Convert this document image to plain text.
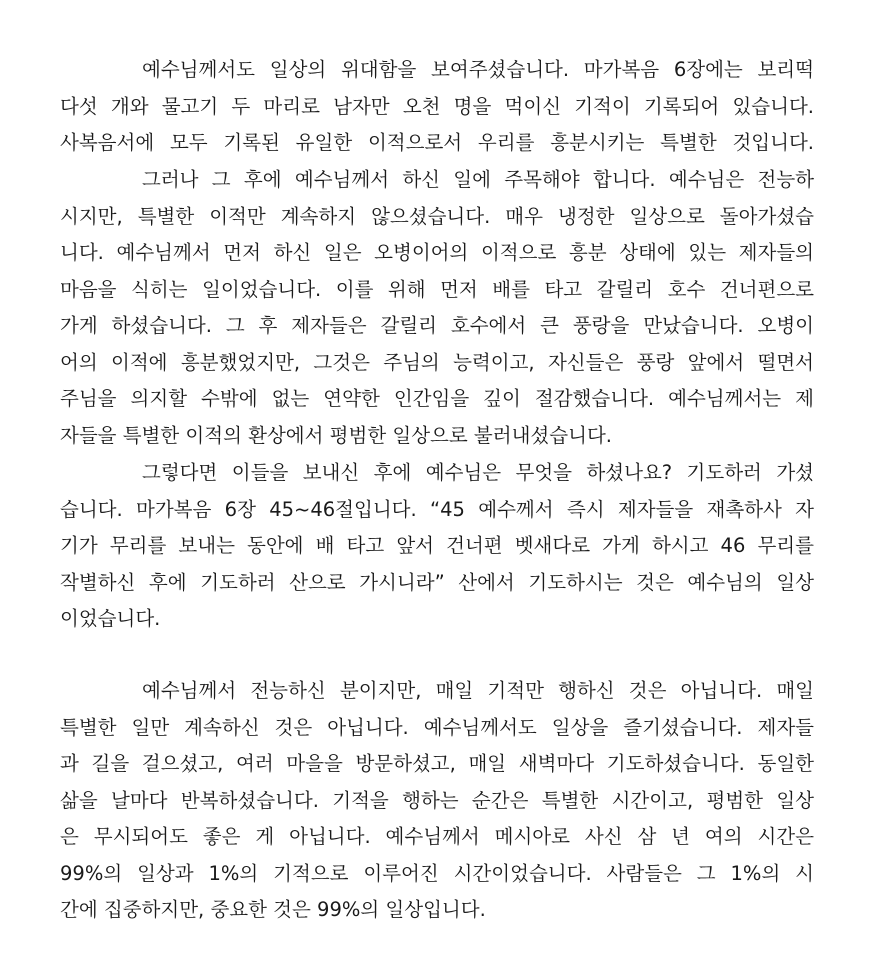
예수님께서도 일상의 위대함을 보여주셨습니다. 마가복음 6장에는 보리떡
다섯 개와 물고기 두 마리로 남자만 오천 명을 먹이신 기적이 기록되어 있습니다.
사복음서에 모두 기록된 유일한 이적으로서 우리를 흥분시키는 특별한 것입니다.
그러나 그 후에 예수님께서 하신 일에 주목해야 합니다. 예수님은 전능하
시지만, 특별한 이적만 계속하지 않으셨습니다. 매우 냉정한 일상으로 돌아가셨습
니다. 예수님께서 먼저 하신 일은 오병이어의 이적으로 흥분 상태에 있는 제자들의
마음을 식히는 일이었습니다. 이를 위해 먼저 배를 타고 갈릴리 호수 건너편으로
가게 하셨습니다. 그 후 제자들은 갈릴리 호수에서 큰 풍랑을 만났습니다. 오병이
어의 이적에 흥분했었지만, 그것은 주님의 능력이고, 자신들은 풍랑 앞에서 떨면서
주님을 의지할 수밖에 없는 연약한 인간임을 깊이 절감했습니다. 예수님께서는 제
자들을 특별한 이적의 환상에서 평범한 일상으로 불러내셨습니다.
그렇다면 이들을 보내신 후에 예수님은 무엇을 하셨나요? 기도하러 가셨
습니다. 마가복음 6장 45~46절입니다. “45 예수께서 즉시 제자들을 재촉하사 자
기가 무리를 보내는 동안에 배 타고 앞서 건너편 벳새다로 가게 하시고 46 무리를
작별하신 후에 기도하러 산으로 가시니라” 산에서 기도하시는 것은 예수님의 일상
이었습니다.
예수님께서 전능하신 분이지만, 매일 기적만 행하신 것은 아닙니다. 매일
특별한 일만 계속하신 것은 아닙니다. 예수님께서도 일상을 즐기셨습니다. 제자들
과 길을 걸으셨고, 여러 마을을 방문하셨고, 매일 새벽마다 기도하셨습니다. 동일한
삶을 날마다 반복하셨습니다. 기적을 행하는 순간은 특별한 시간이고, 평범한 일상
은 무시되어도 좋은 게 아닙니다. 예수님께서 메시아로 사신 삼 년 여의 시간은
99%의 일상과 1%의 기적으로 이루어진 시간이었습니다. 사람들은 그 1%의 시
간에 집중하지만, 중요한 것은 99%의 일상입니다.
